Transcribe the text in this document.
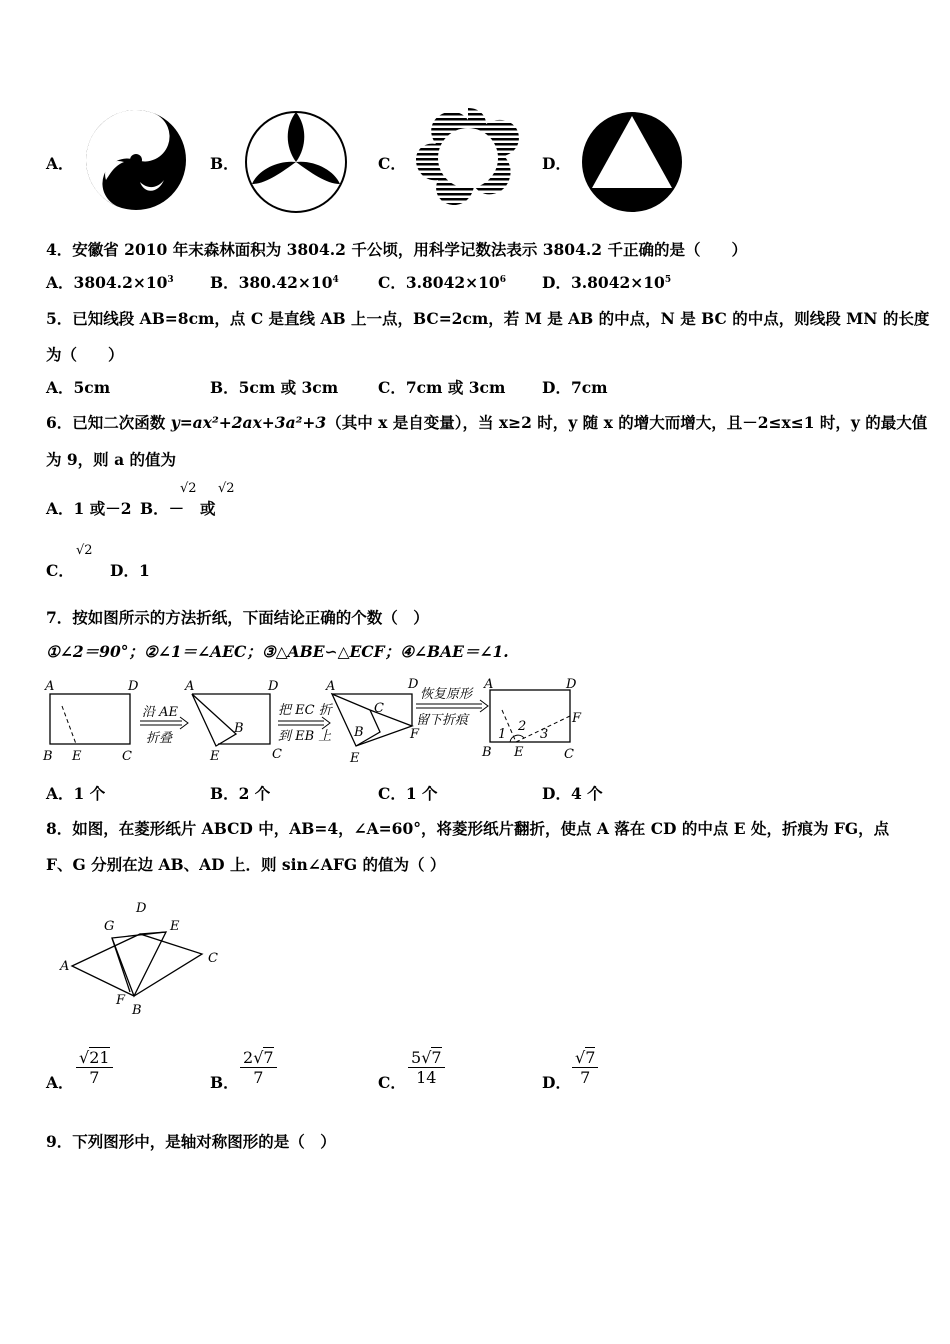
A．	B．	C．	D．
4．安徽省 2010 年末森林面积为 3804.2 千公顷，用科学记数法表示 3804.2 千正确的是（　　）
A．$3804.2\times 10^3$ B．$380.42\times 10^4$	C．$3.8042\times 10^6$ D．$3.8042\times 10^5$
5．已知线段 AB=8cm，点 C 是直线 AB 上一点，BC=2cm，若 M 是 AB 的中点，N 是 BC 的中点，则线段 MN 的长度
为（　　）
A．5cm	B．5cm 或 3cm	C．7cm 或 3cm D．7cm
6．已知二次函数 y=ax²+2ax+3a²+3（其中 x 是自变量），当 x≥2 时，y 随 x 的增大而增大，且－2≤x≤1 时，y 的最大值
为 9，则 a 的值为
A．1 或－2 B．－
√2
或
√2
C．
√2
D．1
7．按如图所示的方法折纸，下面结论正确的个数（　）
①∠2＝90°；②∠1＝∠AEC；③△ABE∽△ECF；④∠BAE＝∠1.
A	D
B E	C
沿 AE
折叠
A	D
B
E	C
把 EC 折
到 EB 上
A	D
C
B	F
E
恢复原形
留下折痕
A	D
F
1
2
3
B E	C
A．1 个	B．2 个	C．1 个	D．4 个
8．如图，在菱形纸片 ABCD 中，AB=4，∠A=60°，将菱形纸片翻折，使点 A 落在 CD 的中点 E 处，折痕为 FG，点
F、G 分别在边 AB、AD 上．则 sin∠AFG 的值为（ ）
A
D
G	E
C
F
B
A． $\frac{√21}{7}$	B． $\frac{2√7}{7}$	C． $\frac{5√7}{14}$	D． $\frac{√7}{7}$
9．下列图形中，是轴对称图形的是（　）
